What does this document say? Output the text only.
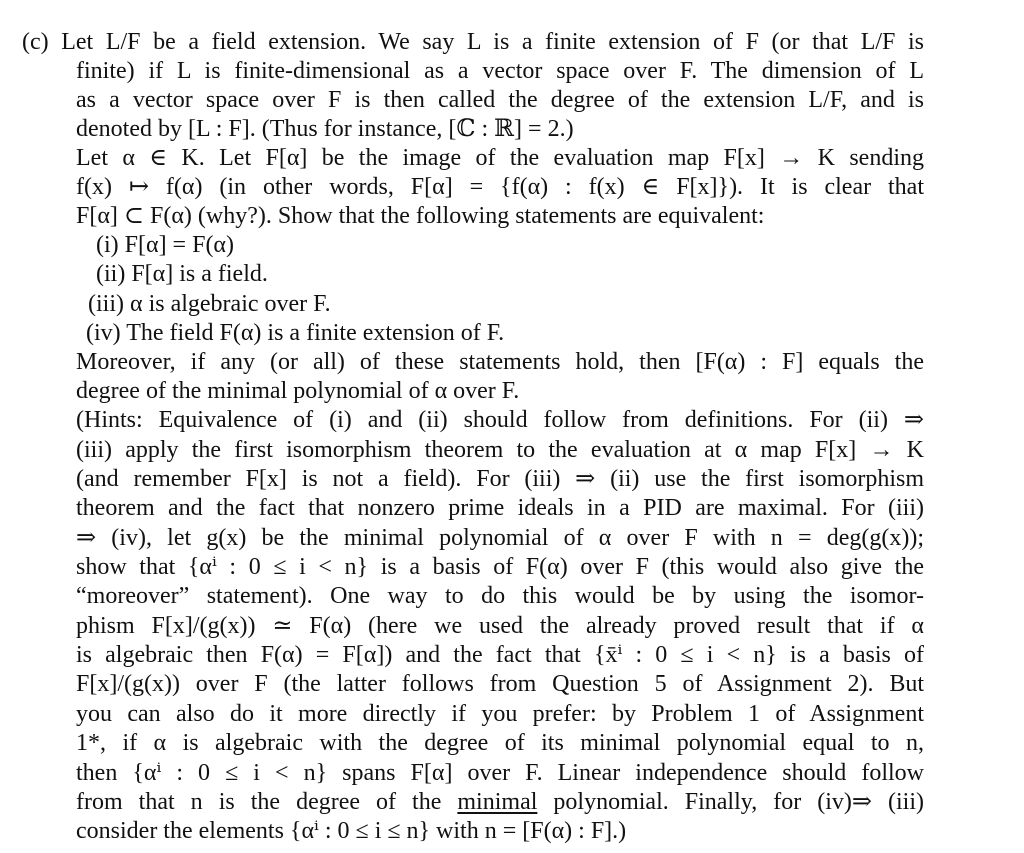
(c) Let L/F be a field extension. We say L is a finite extension of F (or that L/F is
finite) if L is finite-dimensional as a vector space over F. The dimension of L
as a vector space over F is then called the degree of the extension L/F, and is
denoted by [L : F]. (Thus for instance, [ℂ : ℝ] = 2.)
Let α ∈ K. Let F[α] be the image of the evaluation map F[x] → K sending
f(x) ↦ f(α) (in other words, F[α] = {f(α) : f(x) ∈ F[x]}). It is clear that
F[α] ⊂ F(α) (why?). Show that the following statements are equivalent:
(i) F[α] = F(α)
(ii) F[α] is a field.
(iii) α is algebraic over F.
(iv) The field F(α) is a finite extension of F.
Moreover, if any (or all) of these statements hold, then [F(α) : F] equals the
degree of the minimal polynomial of α over F.
(Hints: Equivalence of (i) and (ii) should follow from definitions. For (ii) ⇒
(iii) apply the first isomorphism theorem to the evaluation at α map F[x] → K
(and remember F[x] is not a field). For (iii) ⇒ (ii) use the first isomorphism
theorem and the fact that nonzero prime ideals in a PID are maximal. For (iii)
⇒ (iv), let g(x) be the minimal polynomial of α over F with n = deg(g(x));
show that {αⁱ : 0 ≤ i < n} is a basis of F(α) over F (this would also give the
“moreover” statement). One way to do this would be by using the isomor-
phism F[x]/(g(x)) ≃ F(α) (here we used the already proved result that if α
is algebraic then F(α) = F[α]) and the fact that {x̄ⁱ : 0 ≤ i < n} is a basis of
F[x]/(g(x)) over F (the latter follows from Question 5 of Assignment 2). But
you can also do it more directly if you prefer: by Problem 1 of Assignment
1*, if α is algebraic with the degree of its minimal polynomial equal to n,
then {αⁱ : 0 ≤ i < n} spans F[α] over F. Linear independence should follow
from that n is the degree of the minimal polynomial. Finally, for (iv)⇒ (iii)
consider the elements {αⁱ : 0 ≤ i ≤ n} with n = [F(α) : F].)
